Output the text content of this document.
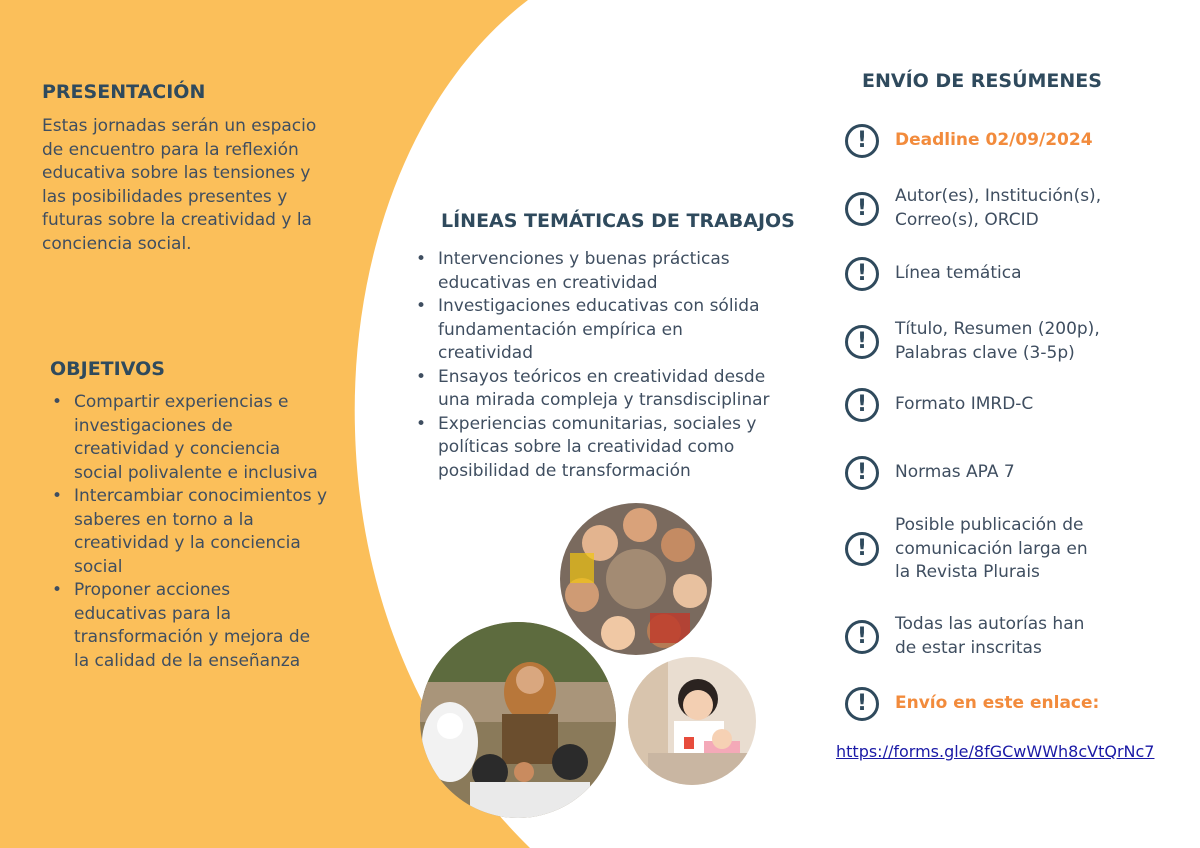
PRESENTACIÓN
Estas jornadas serán un espacio
de encuentro para la reflexión
educativa sobre las tensiones y
las posibilidades presentes y
futuras sobre la creatividad y la
conciencia social.
OBJETIVOS
• Compartir experiencias e
investigaciones de
creatividad y conciencia
social polivalente e inclusiva
• Intercambiar conocimientos y
saberes en torno a la
creatividad y la conciencia
social
• Proponer acciones
educativas para la
transformación y mejora de
la calidad de la enseñanza
LÍNEAS TEMÁTICAS DE TRABAJOS
• Intervenciones y buenas prácticas
educativas en creatividad
• Investigaciones educativas con sólida
fundamentación empírica en
creatividad
• Ensayos teóricos en creatividad desde
una mirada compleja y transdisciplinar
• Experiencias comunitarias, sociales y
políticas sobre la creatividad como
posibilidad de transformación
ENVÍO DE RESÚMENES
!
Deadline 02/09/2024
!
Autor(es), Institución(s),
Correo(s), ORCID
!
Línea temática
!
Título, Resumen (200p),
Palabras clave (3-5p)
!
Formato IMRD-C
!
Normas APA 7
!
Posible publicación de
comunicación larga en
la Revista Plurais
!
Todas las autorías han
de estar inscritas
!
Envío en este enlace:
https://forms.gle/8fGCwWWh8cVtQrNc7
